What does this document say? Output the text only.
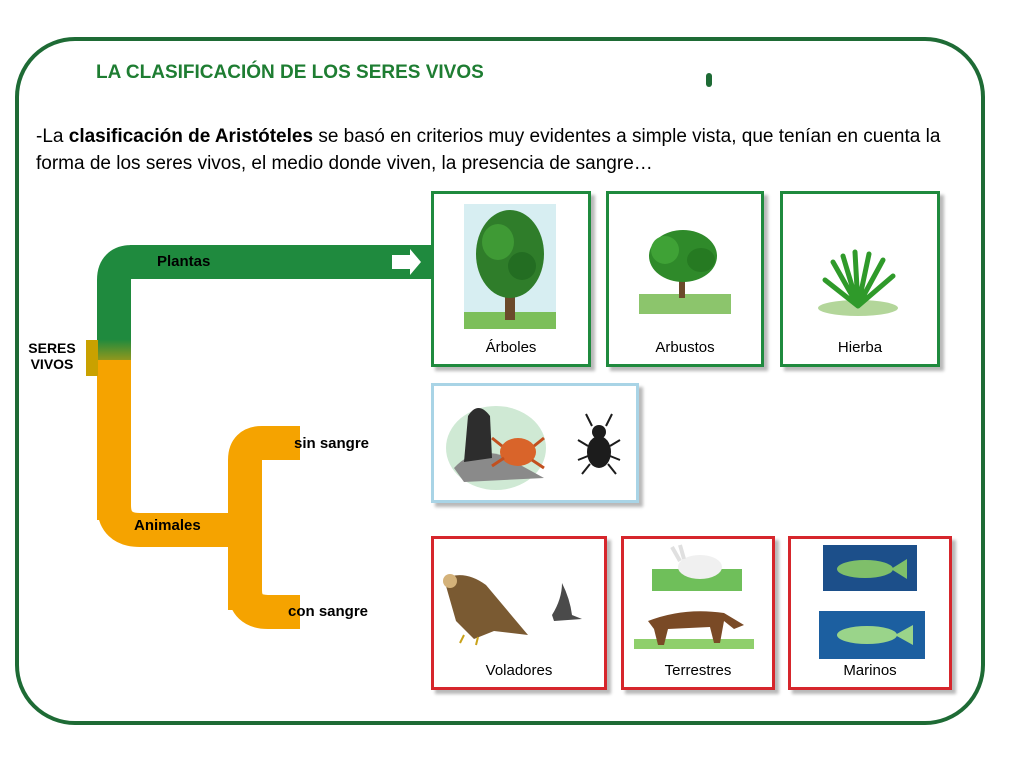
LA CLASIFICACIÓN DE LOS SERES VIVOS
-La clasificación de Aristóteles se basó en criterios muy evidentes a simple vista, que tenían en cuenta la forma de los seres vivos, el medio donde viven, la presencia de sangre…
Plantas
Animales
sin sangre
con sangre
SERES
VIVOS
Árboles	Arbustos	Hierba
Voladores	Terrestres	Marinos
